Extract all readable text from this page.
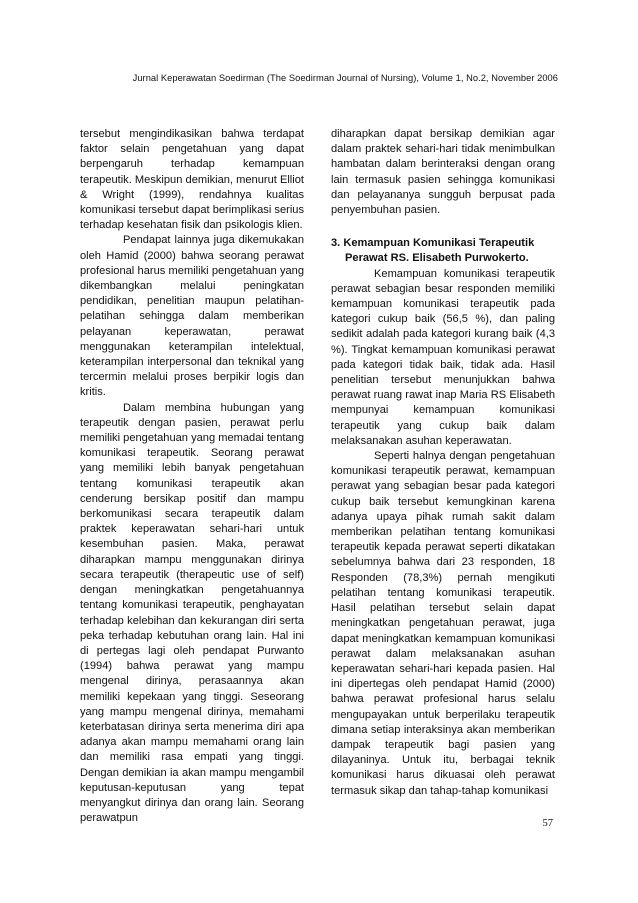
Jurnal Keperawatan Soedirman (The Soedirman Journal of Nursing), Volume 1, No.2, November 2006

tersebut mengindikasikan bahwa terdapat faktor selain pengetahuan yang dapat berpengaruh terhadap kemampuan terapeutik. Meskipun demikian, menurut Elliot & Wright (1999), rendahnya kualitas komunikasi tersebut dapat berimplikasi serius terhadap kesehatan fisik dan psikologis klien.

Pendapat lainnya juga dikemukakan oleh Hamid (2000) bahwa seorang perawat profesional harus memiliki pengetahuan yang dikembangkan melalui peningkatan pendidikan, penelitian maupun pelatihan-pelatihan sehingga dalam memberikan pelayanan keperawatan, perawat menggunakan keterampilan intelektual, keterampilan interpersonal dan teknikal yang tercermin melalui proses berpikir logis dan kritis.

Dalam membina hubungan yang terapeutik dengan pasien, perawat perlu memiliki pengetahuan yang memadai tentang komunikasi terapeutik. Seorang perawat yang memiliki lebih banyak pengetahuan tentang komunikasi terapeutik akan cenderung bersikap positif dan mampu berkomunikasi secara terapeutik dalam praktek keperawatan sehari-hari untuk kesembuhan pasien. Maka, perawat diharapkan mampu menggunakan dirinya secara terapeutik (therapeutic use of self) dengan meningkatkan pengetahuannya tentang komunikasi terapeutik, penghayatan terhadap kelebihan dan kekurangan diri serta peka terhadap kebutuhan orang lain. Hal ini di pertegas lagi oleh pendapat Purwanto (1994) bahwa perawat yang mampu mengenal dirinya, perasaannya akan memiliki kepekaan yang tinggi. Seseorang yang mampu mengenal dirinya, memahami keterbatasan dirinya serta menerima diri apa adanya akan mampu memahami orang lain dan memiliki rasa empati yang tinggi. Dengan demikian ia akan mampu mengambil keputusan-keputusan yang tepat menyangkut dirinya dan orang lain. Seorang perawatpun

diharapkan dapat bersikap demikian agar dalam praktek sehari-hari tidak menimbulkan hambatan dalam berinteraksi dengan orang lain termasuk pasien sehingga komunikasi dan pelayananya sungguh berpusat pada penyembuhan pasien.

3. Kemampuan Komunikasi Terapeutik Perawat RS. Elisabeth Purwokerto.

Kemampuan komunikasi terapeutik perawat sebagian besar responden memiliki kemampuan komunikasi terapeutik pada kategori cukup baik (56,5 %), dan paling sedikit adalah pada kategori kurang baik (4,3 %). Tingkat kemampuan komunikasi perawat pada kategori tidak baik, tidak ada. Hasil penelitian tersebut menunjukkan bahwa perawat ruang rawat inap Maria RS Elisabeth mempunyai kemampuan komunikasi terapeutik yang cukup baik dalam melaksanakan asuhan keperawatan.

Seperti halnya dengan pengetahuan komunikasi terapeutik perawat, kemampuan perawat yang sebagian besar pada kategori cukup baik tersebut kemungkinan karena adanya upaya pihak rumah sakit dalam memberikan pelatihan tentang komunikasi terapeutik kepada perawat seperti dikatakan sebelumnya bahwa dari 23 responden, 18 Responden (78,3%) pernah mengikuti pelatihan tentang komunikasi terapeutik. Hasil pelatihan tersebut selain dapat meningkatkan pengetahuan perawat, juga dapat meningkatkan kemampuan komunikasi perawat dalam melaksanakan asuhan keperawatan sehari-hari kepada pasien. Hal ini dipertegas oleh pendapat Hamid (2000) bahwa perawat profesional harus selalu mengupayakan untuk berperilaku terapeutik dimana setiap interaksinya akan memberikan dampak terapeutik bagi pasien yang dilayaninya. Untuk itu, berbagai teknik komunikasi harus dikuasai oleh perawat termasuk sikap dan tahap-tahap komunikasi

57
